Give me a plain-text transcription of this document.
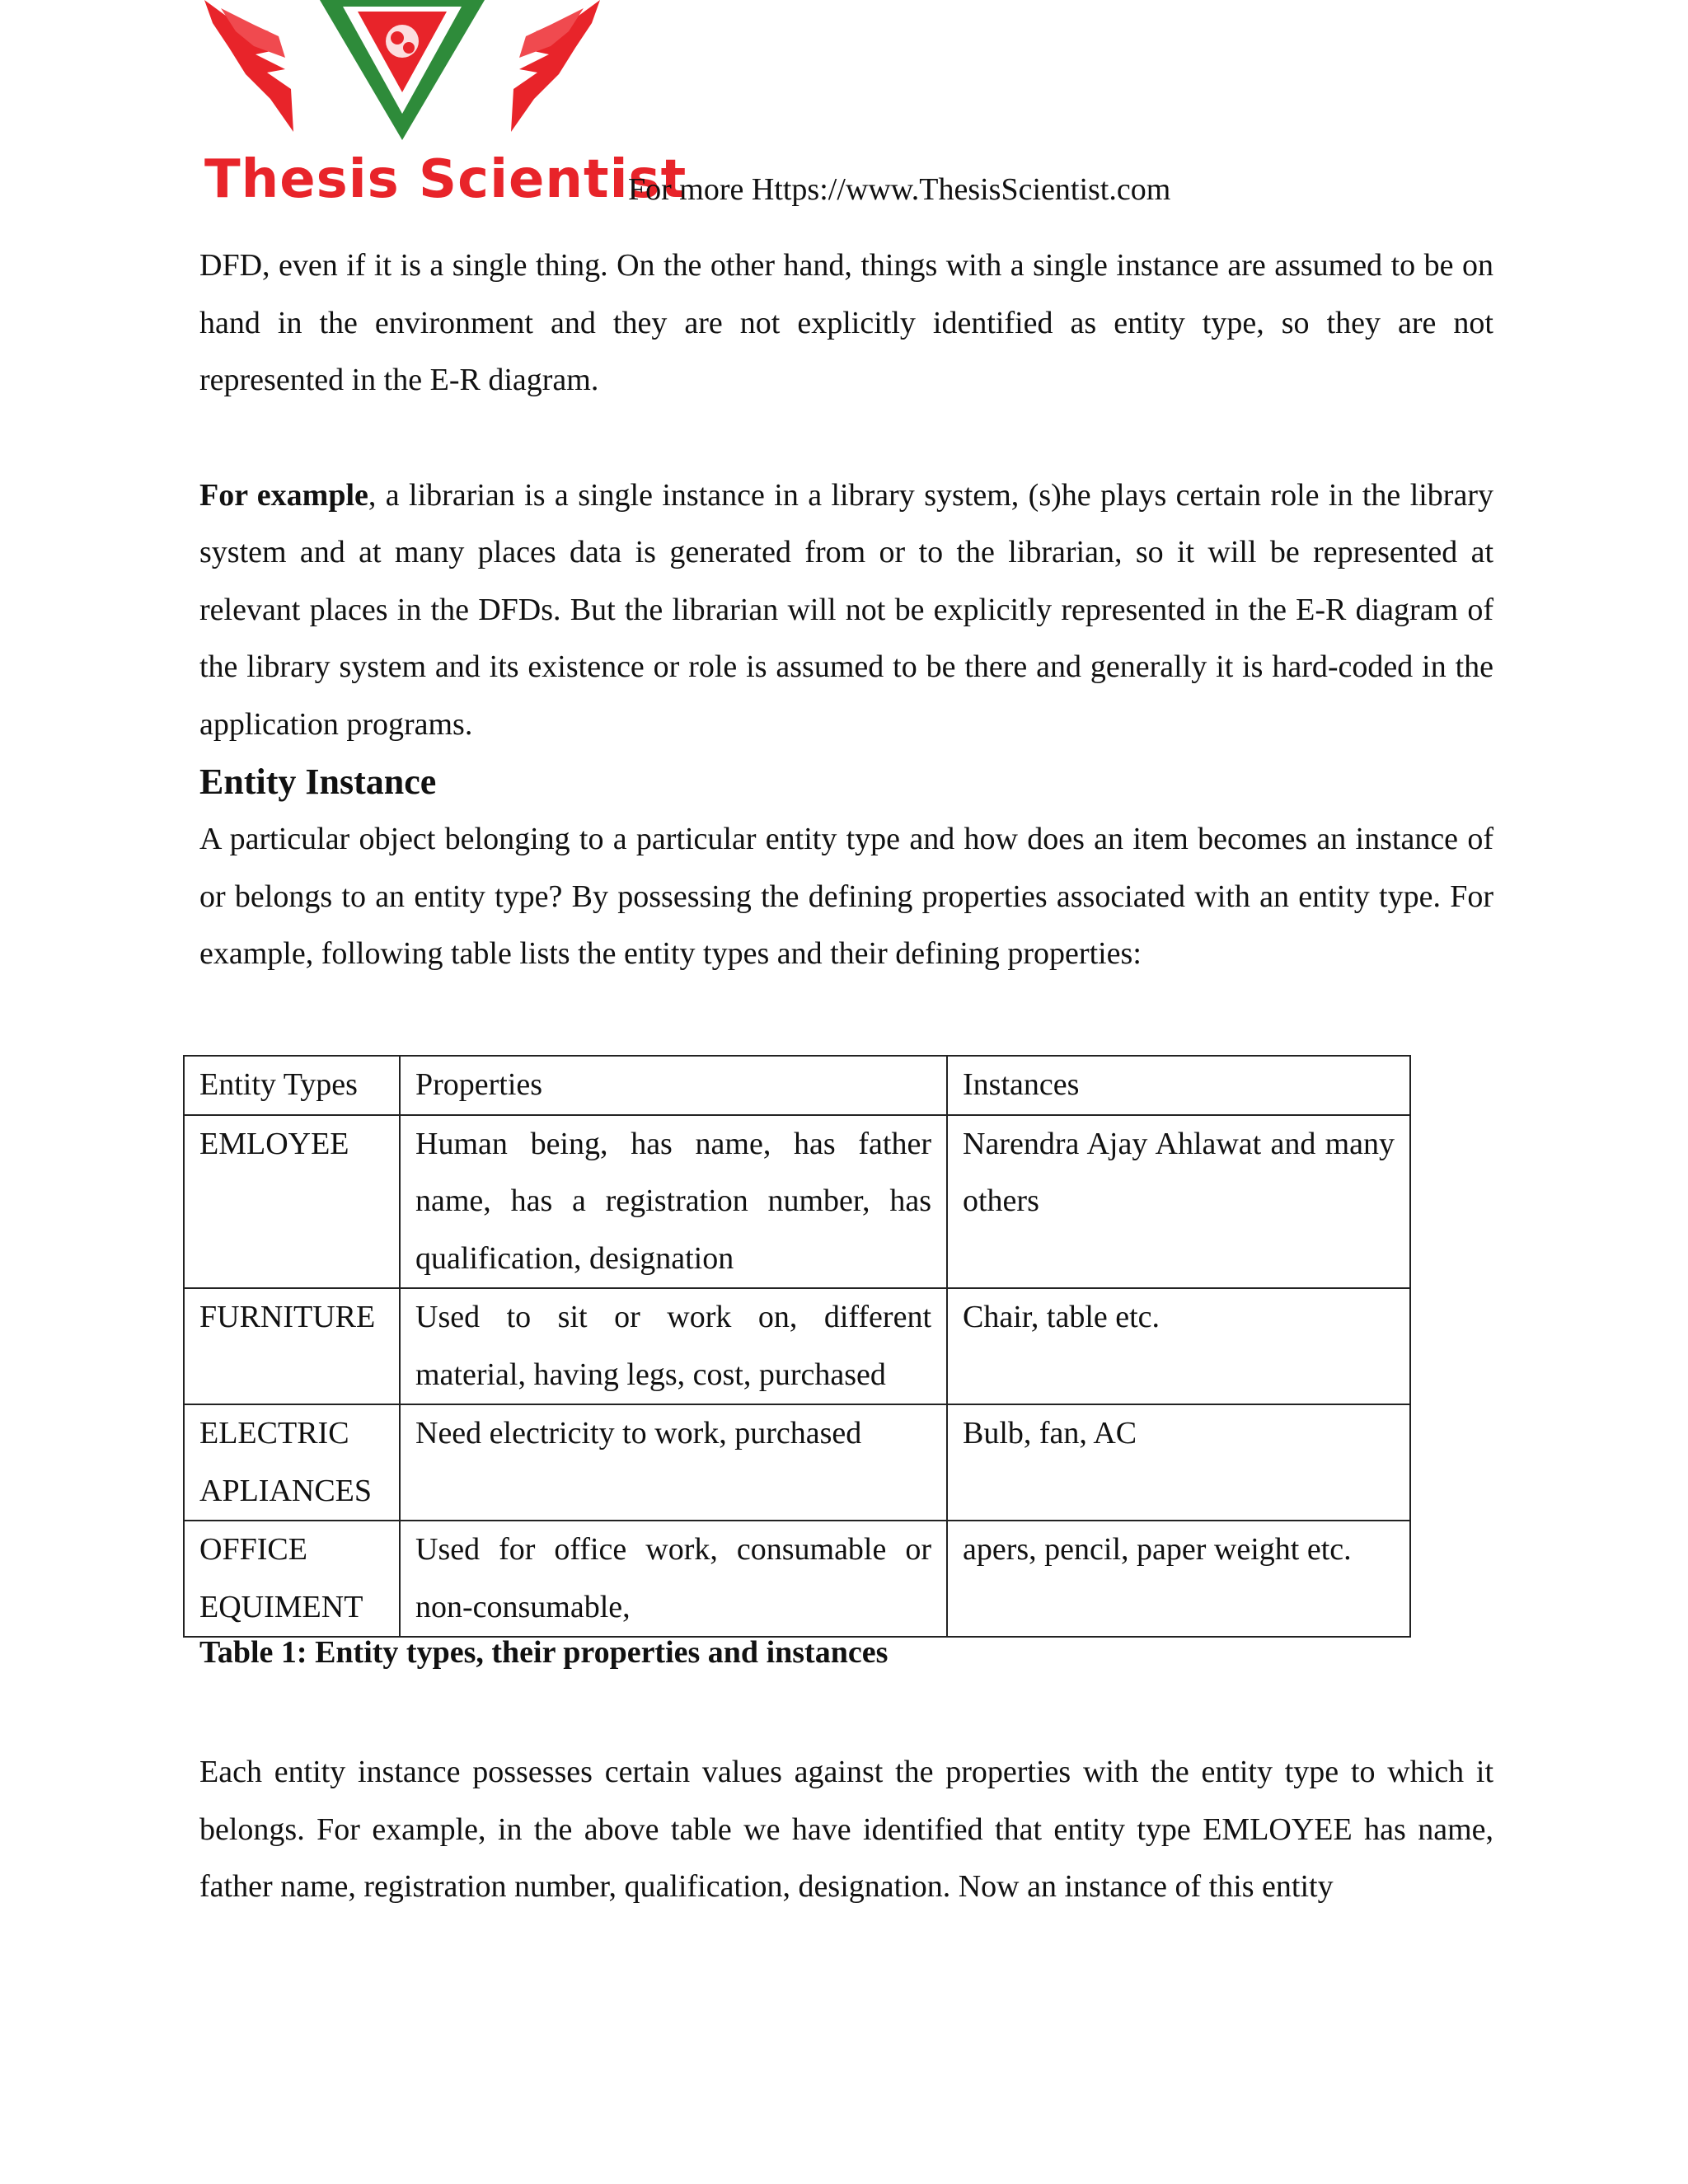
Thesis Scientist
For more Https://www.ThesisScientist.com

DFD, even if it is a single thing. On the other hand, things with a single instance are assumed to be on hand in the environment and they are not explicitly identified as entity type, so they are not represented in the E-R diagram.

For example, a librarian is a single instance in a library system, (s)he plays certain role in the library system and at many places data is generated from or to the librarian, so it will be represented at relevant places in the DFDs. But the librarian will not be explicitly represented in the E-R diagram of the library system and its existence or role is assumed to be there and generally it is hard-coded in the application programs.

Entity Instance

A particular object belonging to a particular entity type and how does an item becomes an instance of or belongs to an entity type? By possessing the defining properties associated with an entity type. For example, following table lists the entity types and their defining properties:

Entity Types	Properties	Instances
EMLOYEE	Human being, has name, has father name, has a registration number, has qualification, designation	Narendra Ajay Ahlawat and many others
FURNITURE	Used to sit or work on, different material, having legs, cost, purchased	Chair, table etc.
ELECTRIC APLIANCES	Need electricity to work, purchased	Bulb, fan, AC
OFFICE EQUIMENT	Used for office work, consumable or non-consumable,	apers, pencil, paper weight etc.
Table 1: Entity types, their properties and instances

Each entity instance possesses certain values against the properties with the entity type to which it belongs. For example, in the above table we have identified that entity type EMLOYEE has name, father name, registration number, qualification, designation. Now an instance of this entity
